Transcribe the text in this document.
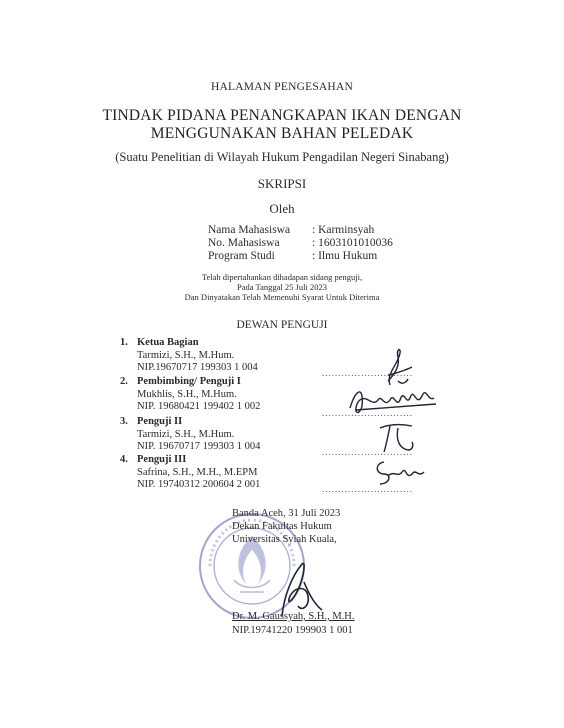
HALAMAN PENGESAHAN
TINDAK PIDANA PENANGKAPAN IKAN DENGAN
MENGGUNAKAN BAHAN PELEDAK
(Suatu Penelitian di Wilayah Hukum Pengadilan Negeri Sinabang)
SKRIPSI
Oleh
Nama Mahasiswa : Karminsyah
No. Mahasiswa	: 1603101010036
Program Studi	: Ilmu Hukum
Telah dipertahankan dihadapan sidang penguji,
Pada Tanggal 25 Juli 2023
Dan Dinyatakan Telah Memenuhi Syarat Untuk Diterima
DEWAN PENGUJI
1. Ketua Bagian
Tarmizi, S.H., M.Hum.
NIP.19670717 199303 1 004
2. Pembimbing/ Penguji I
Mukhlis, S.H., M.Hum.
NIP. 19680421 199402 1 002
3. Penguji II
Tarmizi, S.H., M.Hum.
NIP. 19670717 199303 1 004
4. Penguji III
Safrina, S.H., M.H., M.EPM
NIP. 19740312 200604 2 001
............................
............................
............................
............................
Banda Aceh, 31 Juli 2023
Dekan Fakultas Hukum
Universitas Syiah Kuala,
Dr. M. Gaussyah, S.H., M.H.
NIP.19741220 199903 1 001
